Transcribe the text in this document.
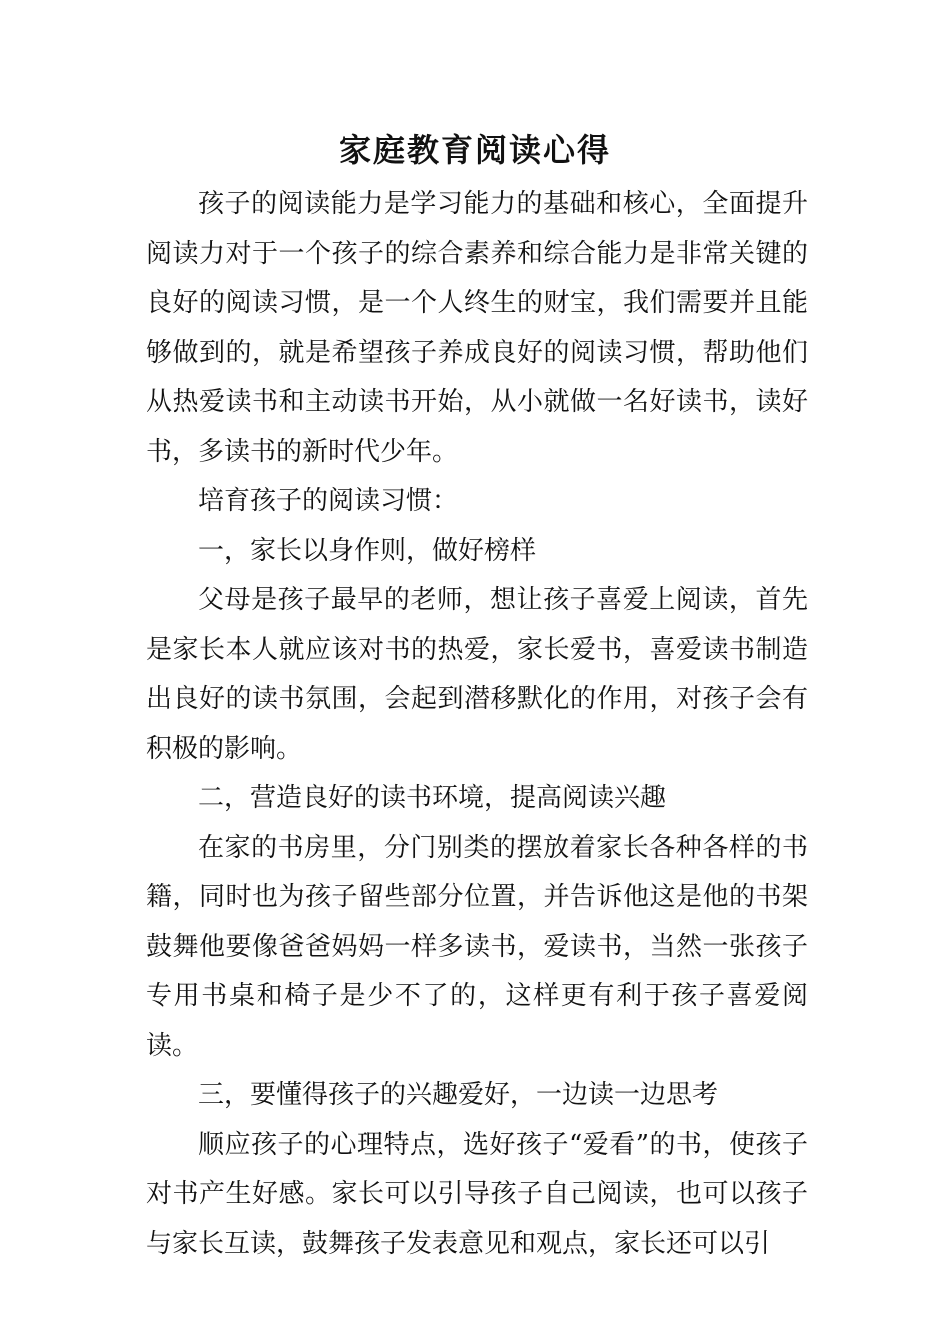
家庭教育阅读心得

孩子的阅读能力是学习能力的基础和核心，全面提升阅读力对于一个孩子的综合素养和综合能力是非常关键的良好的阅读习惯，是一个人终生的财宝，我们需要并且能够做到的，就是希望孩子养成良好的阅读习惯，帮助他们从热爱读书和主动读书开始，从小就做一名好读书，读好书，多读书的新时代少年。

培育孩子的阅读习惯：

一，家长以身作则，做好榜样

父母是孩子最早的老师，想让孩子喜爱上阅读，首先是家长本人就应该对书的热爱，家长爱书，喜爱读书制造出良好的读书氛围，会起到潜移默化的作用，对孩子会有积极的影响。

二，营造良好的读书环境，提高阅读兴趣

在家的书房里，分门别类的摆放着家长各种各样的书籍，同时也为孩子留些部分位置，并告诉他这是他的书架鼓舞他要像爸爸妈妈一样多读书，爱读书，当然一张孩子专用书桌和椅子是少不了的，这样更有利于孩子喜爱阅读。

三，要懂得孩子的兴趣爱好，一边读一边思考

顺应孩子的心理特点，选好孩子“爱看”的书，使孩子对书产生好感。家长可以引导孩子自己阅读，也可以孩子与家长互读，鼓舞孩子发表意见和观点，家长还可以引
